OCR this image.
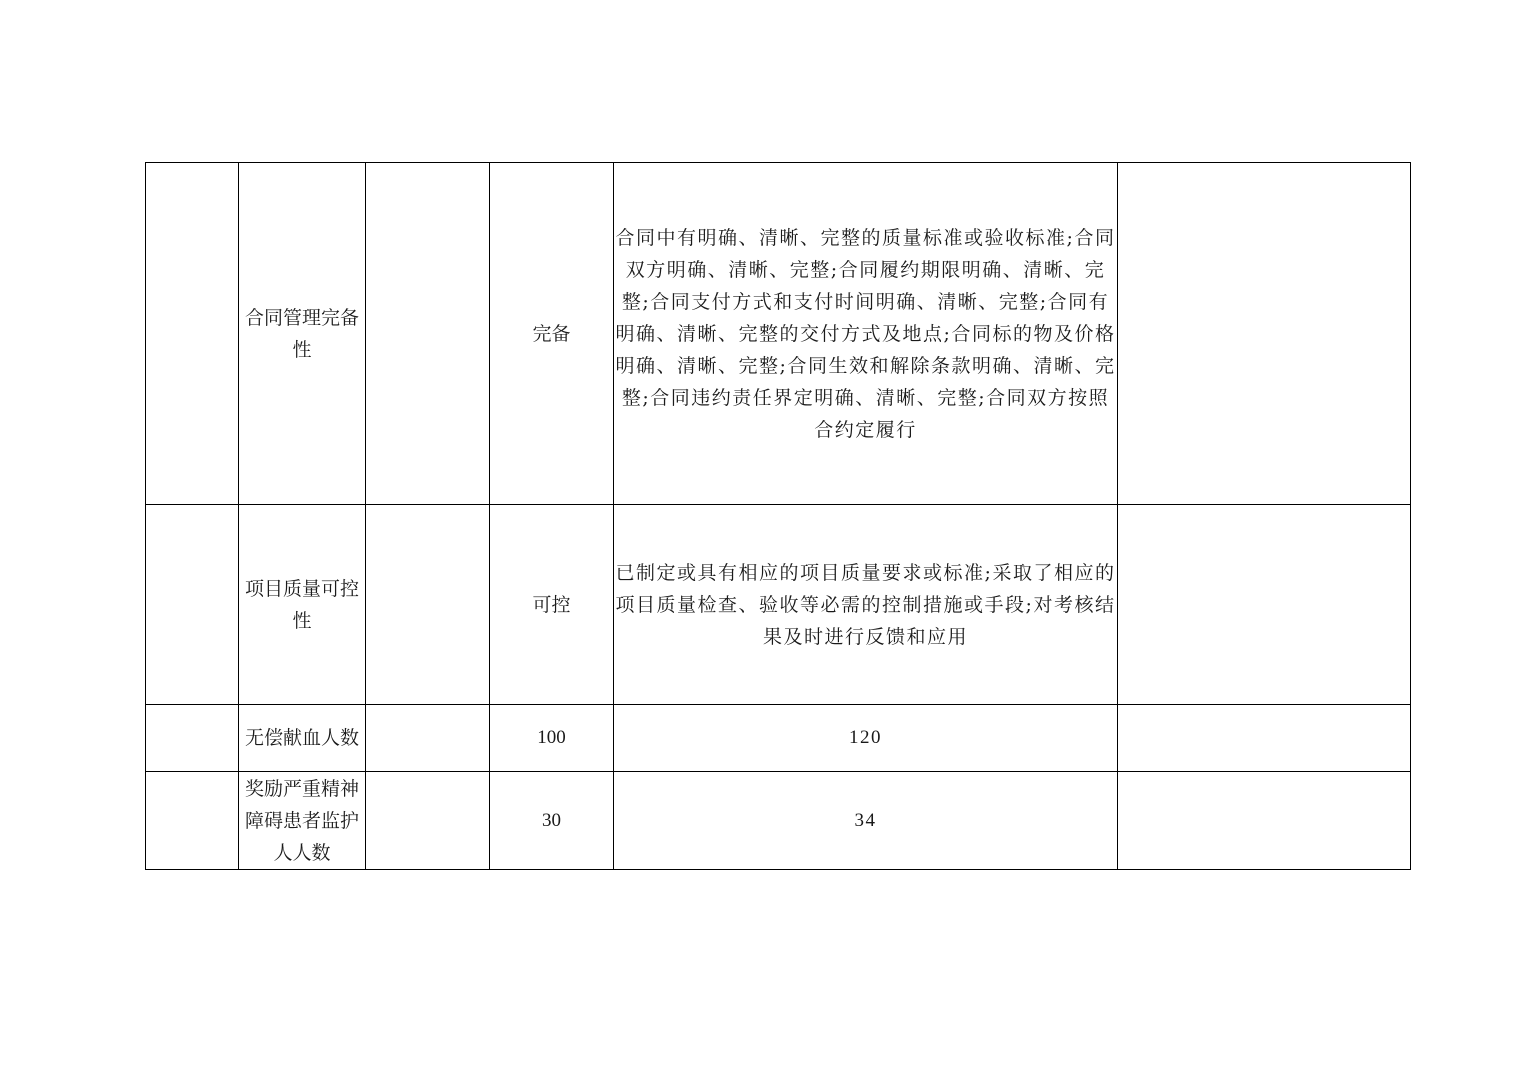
	合同管理完备性		完备	合同中有明确、清晰、完整的质量标准或验收标准;合同双方明确、清晰、完整;合同履约期限明确、清晰、完整;合同支付方式和支付时间明确、清晰、完整;合同有明确、清晰、完整的交付方式及地点;合同标的物及价格明确、清晰、完整;合同生效和解除条款明确、清晰、完整;合同违约责任界定明确、清晰、完整;合同双方按照合约定履行	
	项目质量可控性		可控	已制定或具有相应的项目质量要求或标准;采取了相应的项目质量检查、验收等必需的控制措施或手段;对考核结果及时进行反馈和应用	
	无偿献血人数		100	120	
	奖励严重精神障碍患者监护人人数		30	34	
